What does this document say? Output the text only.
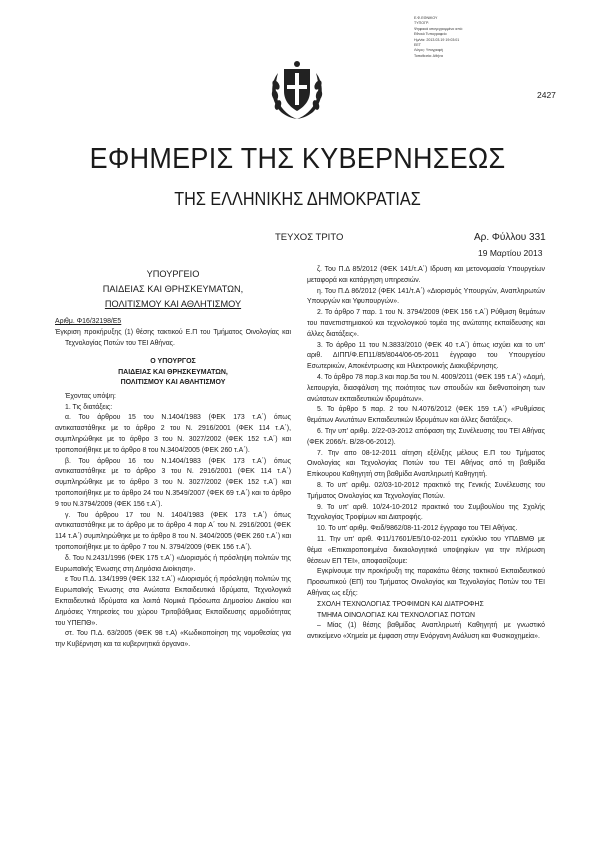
Ε.Φ.ΕΘΝΙΚΟΥ
ΤΥΠΟΓΡ.
Ψηφιακά υπογεγραμμένο από:
Εθνικό Τυπογραφείο
Ημ/νία: 2013.03.19 19:03:01
ΕΕΤ
Λόγος: Υπογραφή
Τοποθεσία: Αθήνα
2427
ΕΦΗΜΕΡΙΣ ΤΗΣ ΚΥΒΕΡΝΗΣΕΩΣ
ΤΗΣ ΕΛΛΗΝΙΚΗΣ ΔΗΜΟΚΡΑΤΙΑΣ
ΤΕΥΧΟΣ ΤΡΙΤΟ	Αρ. Φύλλου 331
19 Μαρτίου 2013
ΥΠΟΥΡΓΕΙΟ
ΠΑΙΔΕΙΑΣ ΚΑΙ ΘΡΗΣΚΕΥΜΑΤΩΝ,
ΠΟΛΙΤΙΣΜΟΥ ΚΑΙ ΑΘΛΗΤΙΣΜΟΥ

Αριθμ. Φ16/32198/Ε5

Έγκριση προκήρυξης (1) θέσης τακτικού Ε.Π του Τμήματος Οινολογίας και Τεχνολογίας Ποτών του ΤΕΙ Αθήνας.

Ο ΥΠΟΥΡΓΟΣ
ΠΑΙΔΕΙΑΣ ΚΑΙ ΘΡΗΣΚΕΥΜΑΤΩΝ,
ΠΟΛΙΤΙΣΜΟΥ ΚΑΙ ΑΘΛΗΤΙΣΜΟΥ

Έχοντας υπόψη:

1. Τις διατάξεις:

α. Του άρθρου 15 του Ν.1404/1983 (ΦΕΚ 173 τ.Α΄) όπως αντικαταστάθηκε με το άρθρο 2 του Ν. 2916/2001 (ΦΕΚ 114 τ.Α΄), συμπληρώθηκε με το άρθρο 3 του Ν. 3027/2002 (ΦΕΚ 152 τ.Α΄) και τροποποιήθηκε με το άρθρο 8 του Ν.3404/2005 (ΦΕΚ 260 τ.Α΄).

β. Του άρθρου 16 του Ν.1404/1983 (ΦΕΚ 173 τ.Α΄) όπως αντικαταστάθηκε με το άρθρο 3 του Ν. 2916/2001 (ΦΕΚ 114 τ.Α΄) συμπληρώθηκε με το άρθρο 3 του Ν. 3027/2002 (ΦΕΚ 152 τ.Α΄) και τροποποιήθηκε με το άρθρο 24 του Ν.3549/2007 (ΦΕΚ 69 τ.Α΄) και το άρθρο 9 του Ν.3794/2009 (ΦΕΚ 156 τ.Α΄).

γ. Του άρθρου 17 του Ν. 1404/1983 (ΦΕΚ 173 τ.Α΄) όπως αντικαταστάθηκε με το άρθρο με το άρθρο 4 παρ Α΄ του Ν. 2916/2001 (ΦΕΚ 114 τ.Α΄) συμπληρώθηκε με το άρθρο 8 του Ν. 3404/2005 (ΦΕΚ 260 τ.Α΄) και τροποποιήθηκε με το άρθρο 7 του Ν. 3794/2009 (ΦΕΚ 156 τ.Α΄).

δ. Του Ν.2431/1996 (ΦΕΚ 175 τ.Α΄) «Διορισμός ή πρόσληψη πολιτών της Ευρωπαϊκής Ένωσης στη Δημόσια Διοίκηση».

ε Του Π.Δ. 134/1999 (ΦΕΚ 132 τ.Α΄) «Διορισμός ή πρόσληψη πολιτών της Ευρωπαϊκής Ένωσης στα Ανώτατα Εκπαιδευτικά Ιδρύματα, Τεχνολογικά Εκπαιδευτικά Ιδρύματα και λοιπά Νομικά Πρόσωπα Δημοσίου Δικαίου και Δημόσιες Υπηρεσίες του χώρου Τριτοβάθμιας Εκπαίδευσης αρμοδιότητας του ΥΠΕΠΘ».

στ. Του Π.Δ. 63/2005 (ΦΕΚ 98 τ.Α) «Κωδικοποίηση της νομοθεσίας για την Κυβέρνηση και τα κυβερνητικά όργανα».

ζ. Του Π.Δ 85/2012 (ΦΕΚ 141/τ.Α΄) Ιδρυση και μετονομασία Υπουργείων μεταφορά και κατάργηση υπηρεσιών.

η. Του Π.Δ 86/2012 (ΦΕΚ 141/τ.Α΄) «Διορισμός Υπουργών, Αναπληρωτών Υπουργών και Υφυπουργών».

2. Το άρθρο 7 παρ. 1 του Ν. 3794/2009 (ΦΕΚ 156 τ.Α΄) Ρύθμιση θεμάτων του πανεπιστημιακού και τεχνολογικού τομέα της ανώτατης εκπαίδευσης και άλλες διατάξεις».

3. Το άρθρο 11 του Ν.3833/2010 (ΦΕΚ 40 τ.Α΄) όπως ισχύει και το υπ' αριθ. ΔΙΠΠ/Φ.ΕΠ11/85/8044/06-05-2011 έγγραφο του Υπουργείου Εσωτερικών, Αποκέντρωσης και Ηλεκτρονικής Διακυβέρνησης.

4. Το άρθρο 78 παρ.3 και παρ.5α του Ν. 4009/2011 (ΦΕΚ 195 τ.Α΄) «Δομή, λειτουργία, διασφάλιση της ποιότητας των σπουδών και διεθνοποίηση των ανώτατων εκπαιδευτικών ιδρυμάτων».

5. Το άρθρο 5 παρ. 2 του Ν.4076/2012 (ΦΕΚ 159 τ.Α΄) «Ρυθμίσεις θεμάτων Ανωτάτων Εκπαιδευτικών Ιδρυμάτων και άλλες διατάξεις».

6. Την υπ' αριθμ. 2/22-03-2012 απόφαση της Συνέλευσης του ΤΕΙ Αθήνας (ΦΕΚ 2066/τ. Β/28-06-2012).

7. Την απο 08-12-2011 αίτηση εξέλιξης μέλους Ε.Π του Τμήματος Οινολογίας και Τεχνολογίας Ποτών του ΤΕΙ Αθήνας από τη βαθμίδα Επίκουρου Καθηγητή στη βαθμίδα Αναπληρωτή Καθηγητή.

8. Το υπ' αριθμ. 02/03-10-2012 πρακτικό της Γενικής Συνέλευσης του Τμήματος Οινολογίας και Τεχνολογίας Ποτών.

9. Το υπ' αριθ. 10/24-10-2012 πρακτικό του Συμβουλίου της Σχολής Τεχνολογίας Τροφίμων και Διατροφής.

10. Το υπ' αριθμ. Φειδ/9862/08-11-2012 έγγραφο του ΤΕΙ Αθήνας.

11. Την υπ' αριθ. Φ11/17601/Ε5/10-02-2011 εγκύκλιο του ΥΠΔΒΜΘ με θέμα «Επικαιροποιημένα δικαιολογητικά υποψηφίων για την πλήρωση θέσεων ΕΠ ΤΕΙ», αποφασίζουμε:

Εγκρίνουμε την προκήρυξη της παρακάτω θέσης τακτικού Εκπαιδευτικού Προσωπικού (ΕΠ) του Τμήματος Οινολογίας και Τεχνολογίας Ποτών του ΤΕΙ Αθήνας ως εξής:

ΣΧΟΛΗ ΤΕΧΝΟΛΟΓΙΑΣ ΤΡΟΦΙΜΩΝ ΚΑΙ ΔΙΑΤΡΟΦΗΣ

ΤΜΗΜΑ ΟΙΝΟΛΟΓΙΑΣ ΚΑΙ ΤΕΧΝΟΛΟΓΙΑΣ ΠΟΤΩΝ

– Μίας (1) θέσης βαθμίδας Αναπληρωτή Καθηγητή με γνωστικό αντικείμενο «Χημεία με έμφαση στην Ενόργανη Ανάλυση και Φυσικοχημεία».
